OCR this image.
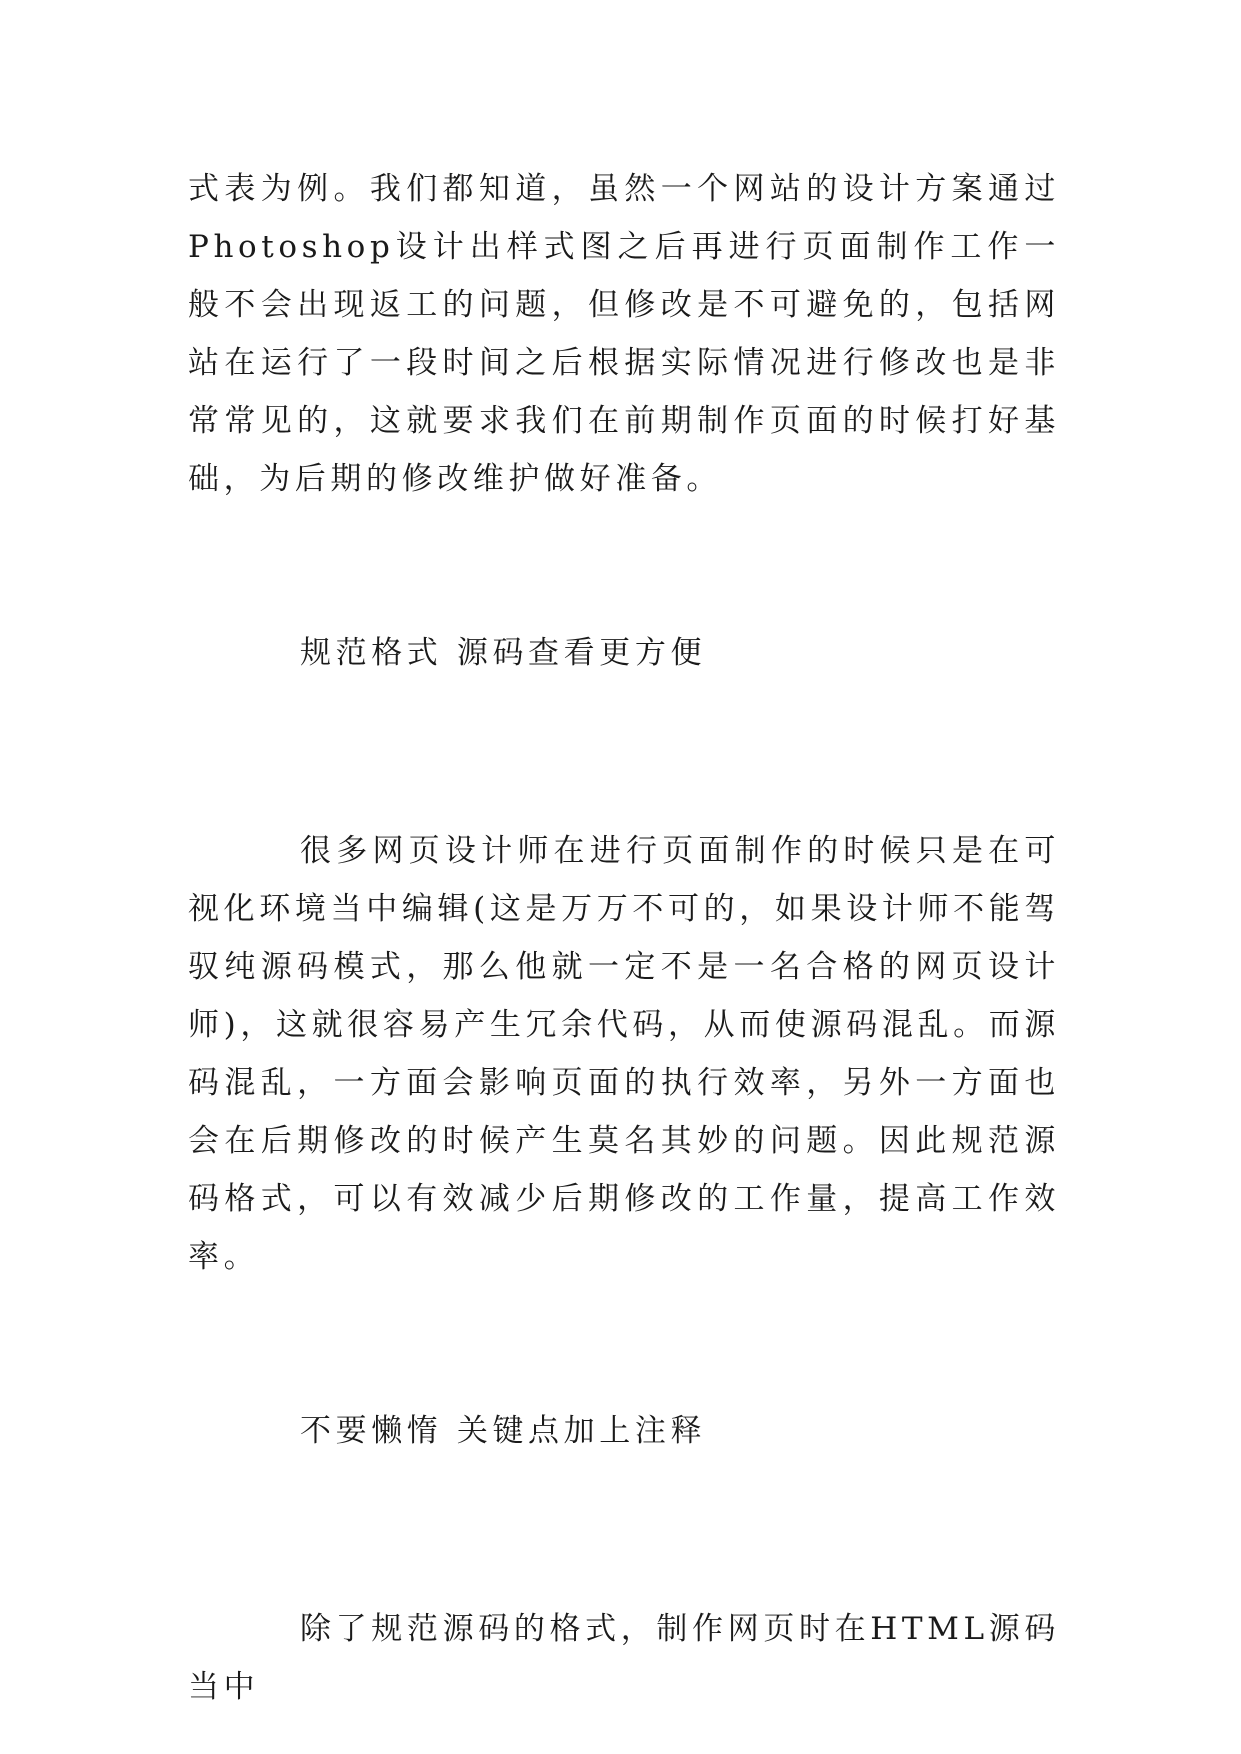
式表为例。我们都知道，虽然一个网站的设计方案通过Photoshop设计出样式图之后再进行页面制作工作一般不会出现返工的问题，但修改是不可避免的，包括网站在运行了一段时间之后根据实际情况进行修改也是非常常见的，这就要求我们在前期制作页面的时候打好基础，为后期的修改维护做好准备。

规范格式 源码查看更方便

很多网页设计师在进行页面制作的时候只是在可视化环境当中编辑(这是万万不可的，如果设计师不能驾驭纯源码模式，那么他就一定不是一名合格的网页设计师)，这就很容易产生冗余代码，从而使源码混乱。而源码混乱，一方面会影响页面的执行效率，另外一方面也会在后期修改的时候产生莫名其妙的问题。因此规范源码格式，可以有效减少后期修改的工作量，提高工作效率。

不要懒惰 关键点加上注释

除了规范源码的格式，制作网页时在HTML源码当中
